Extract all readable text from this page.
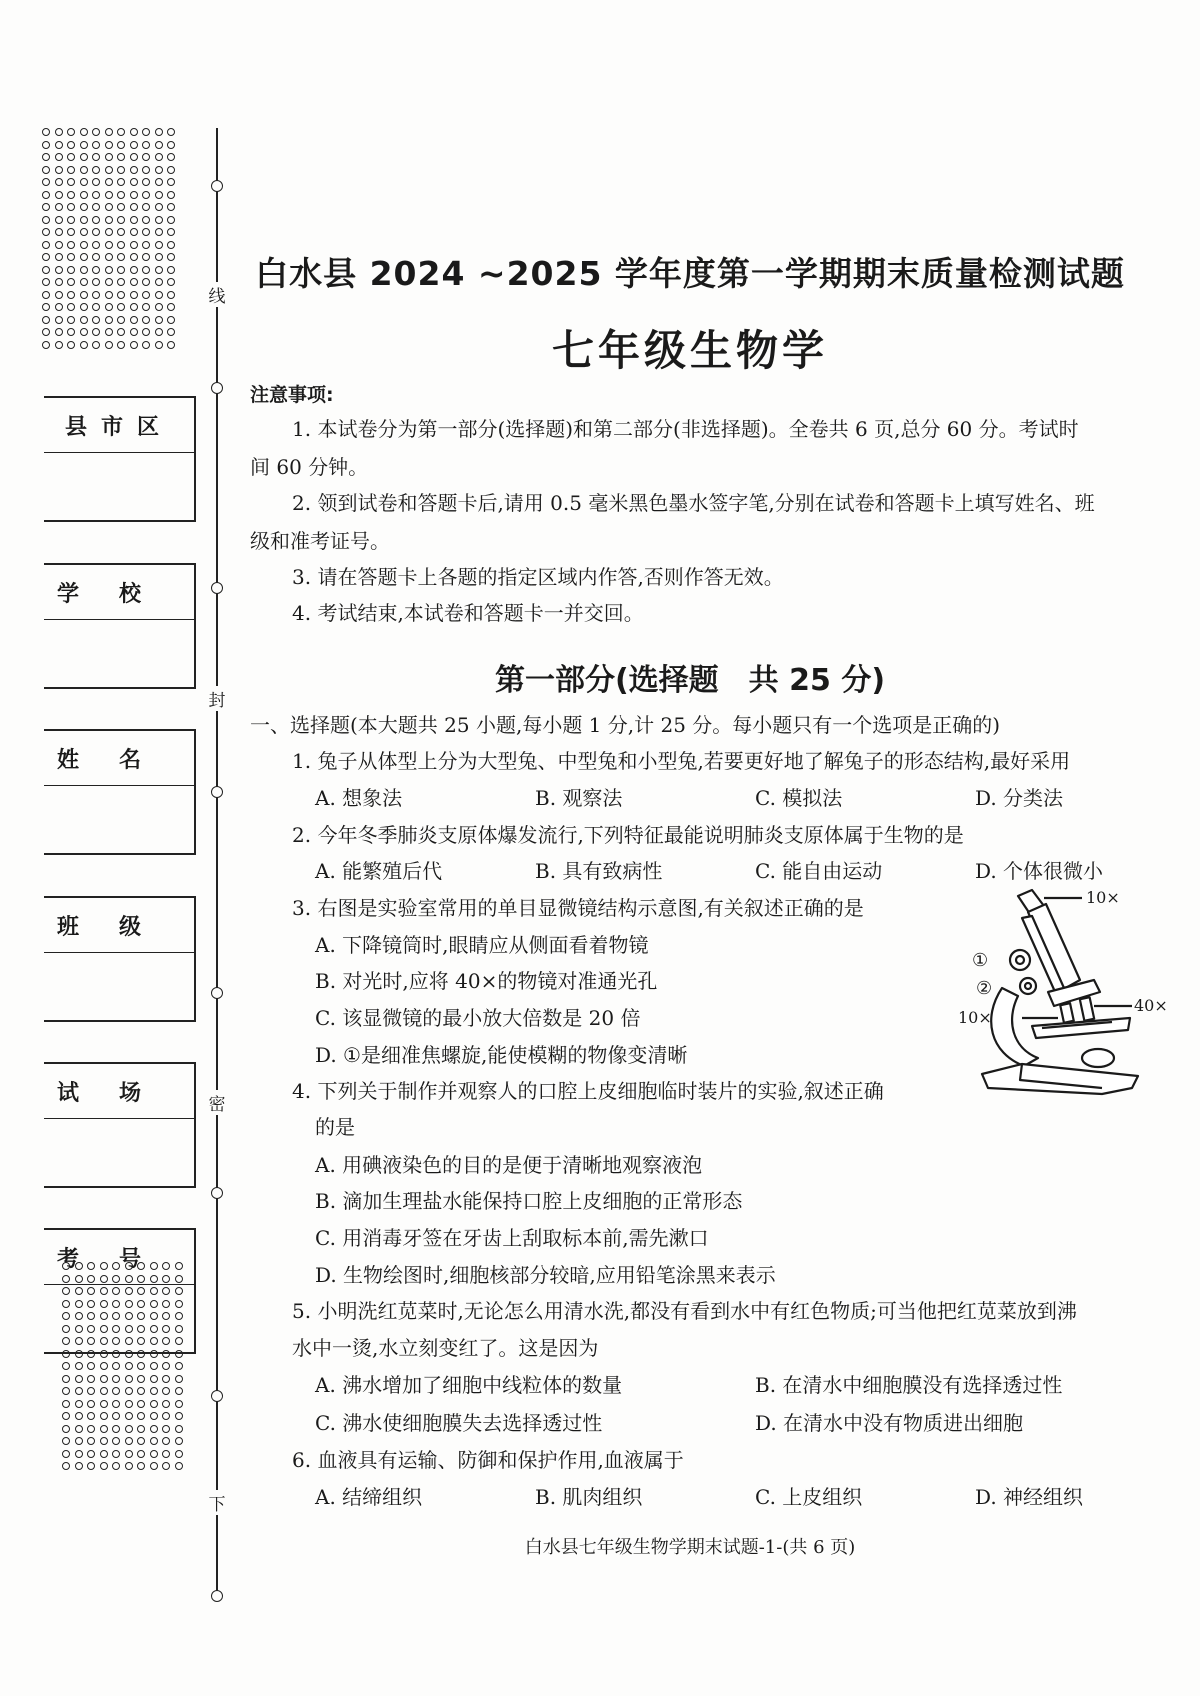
线
封
密
下
县市区
学校
姓名
班级
试场
考号
白水县 2024 ~2025 学年度第一学期期末质量检测试题
七年级生物学
注意事项:
1. 本试卷分为第一部分(选择题)和第二部分(非选择题)。全卷共 6 页,总分 60 分。考试时
间 60 分钟。
2. 领到试卷和答题卡后,请用 0.5 毫米黑色墨水签字笔,分别在试卷和答题卡上填写姓名、班
级和准考证号。
3. 请在答题卡上各题的指定区域内作答,否则作答无效。
4. 考试结束,本试卷和答题卡一并交回。
第一部分(选择题　共 25 分)
一、选择题(本大题共 25 小题,每小题 1 分,计 25 分。每小题只有一个选项是正确的)
1. 兔子从体型上分为大型兔、中型兔和小型兔,若要更好地了解兔子的形态结构,最好采用
A. 想象法	B. 观察法	C. 模拟法	D. 分类法
2. 今年冬季肺炎支原体爆发流行,下列特征最能说明肺炎支原体属于生物的是
A. 能繁殖后代	B. 具有致病性	C. 能自由运动	D. 个体很微小
3. 右图是实验室常用的单目显微镜结构示意图,有关叙述正确的是
A. 下降镜筒时,眼睛应从侧面看着物镜
B. 对光时,应将 40×的物镜对准通光孔
C. 该显微镜的最小放大倍数是 20 倍
D. ①是细准焦螺旋,能使模糊的物像变清晰
10×
40×
10×
①
②
4. 下列关于制作并观察人的口腔上皮细胞临时装片的实验,叙述正确
的是
A. 用碘液染色的目的是便于清晰地观察液泡
B. 滴加生理盐水能保持口腔上皮细胞的正常形态
C. 用消毒牙签在牙齿上刮取标本前,需先漱口
D. 生物绘图时,细胞核部分较暗,应用铅笔涂黑来表示
5. 小明洗红苋菜时,无论怎么用清水洗,都没有看到水中有红色物质;可当他把红苋菜放到沸
水中一烫,水立刻变红了。这是因为
A. 沸水增加了细胞中线粒体的数量	B. 在清水中细胞膜没有选择透过性
C. 沸水使细胞膜失去选择透过性	D. 在清水中没有物质进出细胞
6. 血液具有运输、防御和保护作用,血液属于
A. 结缔组织	B. 肌肉组织	C. 上皮组织	D. 神经组织
白水县七年级生物学期末试题-1-(共 6 页)
